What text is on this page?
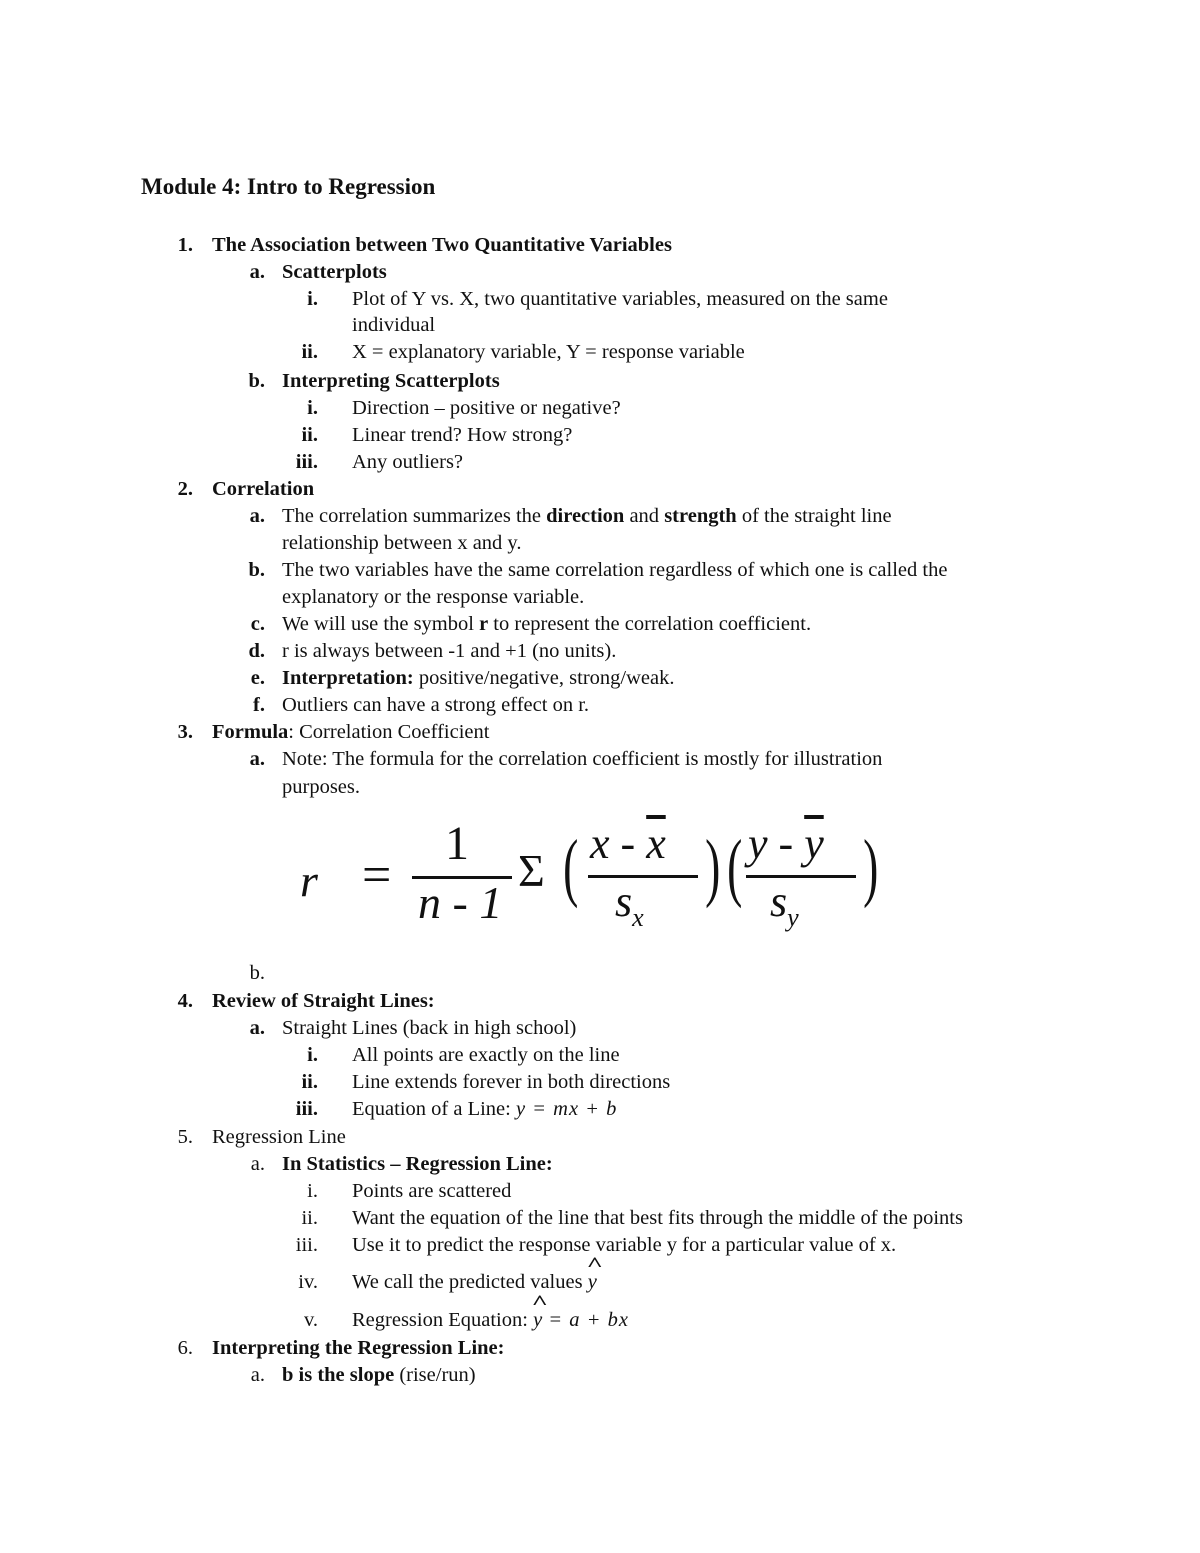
Module 4: Intro to Regression
1. The Association between Two Quantitative Variables
a. Scatterplots
i. Plot of Y vs. X, two quantitative variables, measured on the same
individual
ii. X = explanatory variable, Y = response variable
b. Interpreting Scatterplots
i. Direction – positive or negative?
ii. Linear trend? How strong?
iii. Any outliers?
2. Correlation
a. The correlation summarizes the direction and strength of the straight line
relationship between x and y.
b. The two variables have the same correlation regardless of which one is called the
explanatory or the response variable.
c. We will use the symbol r to represent the correlation coefficient.
d. r is always between -1 and +1 (no units).
e. Interpretation: positive/negative, strong/weak.
f. Outliers can have a strong effect on r.
3. Formula: Correlation Coefficient
a. Note: The formula for the correlation coefficient is mostly for illustration
purposes.
b.
4. Review of Straight Lines:
a. Straight Lines (back in high school)
i. All points are exactly on the line
ii. Line extends forever in both directions
iii. Equation of a Line: y = mx + b
5. Regression Line
a. In Statistics – Regression Line:
i. Points are scattered
ii. Want the equation of the line that best fits through the middle of the points
iii. Use it to predict the response variable y for a particular value of x.
iv. We call the predicted values ^ y
v. Regression Equation: ^ y = a + bx
6. Interpreting the Regression Line:
a. b is the slope (rise/run)
r =
1
n - 1
Σ ( x - $\overline{x}$
$s_x$
) ( y - $\overline{y}$
$s_y$
)
